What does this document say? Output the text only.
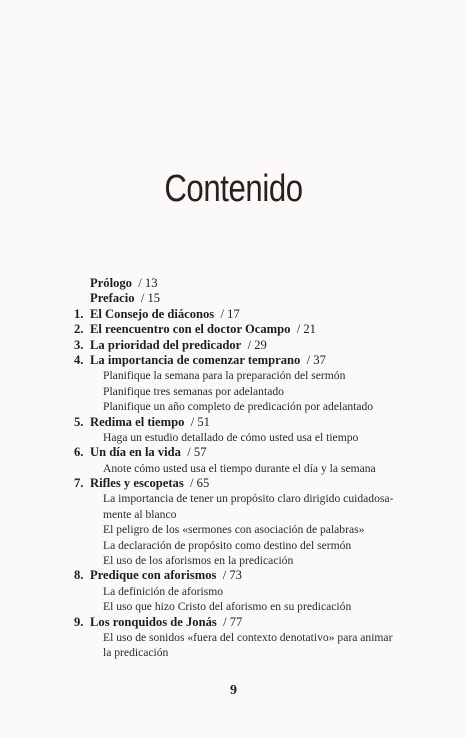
Contenido
Prólogo / 13
Prefacio / 15
1. El Consejo de diáconos / 17
2. El reencuentro con el doctor Ocampo / 21
3. La prioridad del predicador / 29
4. La importancia de comenzar temprano / 37
Planifique la semana para la preparación del sermón
Planifique tres semanas por adelantado
Planifique un año completo de predicación por adelantado
5. Redima el tiempo / 51
Haga un estudio detallado de cómo usted usa el tiempo
6. Un día en la vida / 57
Anote cómo usted usa el tiempo durante el día y la semana
7. Rifles y escopetas / 65
La importancia de tener un propósito claro dirigido cuidadosa-
mente al blanco
El peligro de los «sermones con asociación de palabras»
La declaración de propósito como destino del sermón
El uso de los aforismos en la predicación
8. Predique con aforismos / 73
La definición de aforismo
El uso que hizo Cristo del aforismo en su predicación
9. Los ronquidos de Jonás / 77
El uso de sonidos «fuera del contexto denotativo» para animar
la predicación
9
